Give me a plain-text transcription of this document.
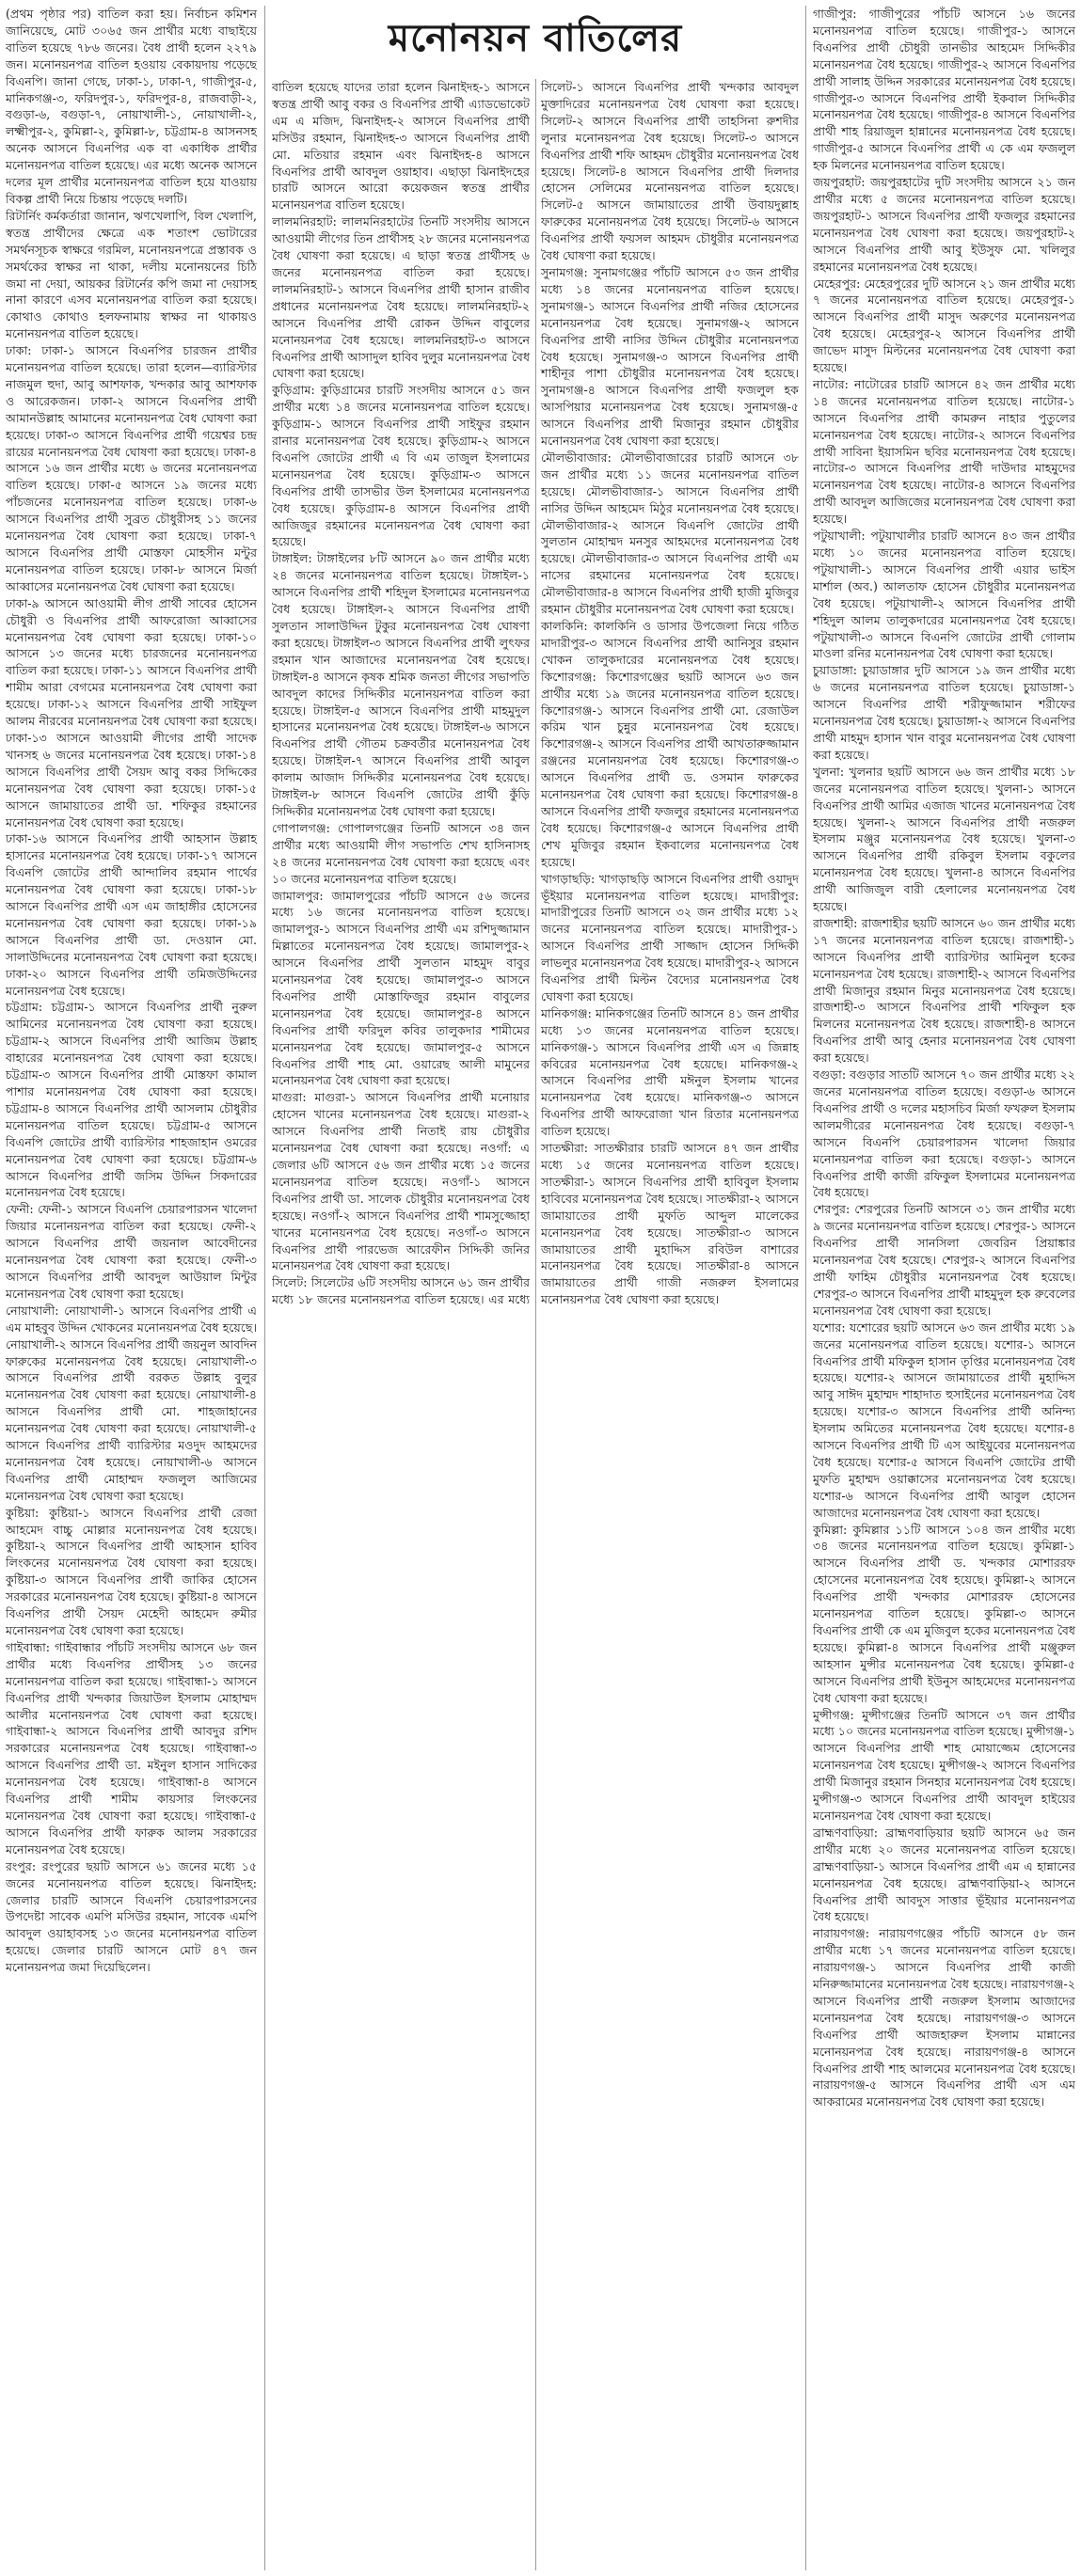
(প্রথম পৃষ্ঠার পর) বাতিল করা হয়। নির্বাচন কমিশন জানিয়েছে, মোট ৩০৬৫ জন প্রার্থীর মধ্যে বাছাইয়ে বাতিল হয়েছে ৭৮৬ জনের। বৈধ প্রার্থী হলেন ২২৭৯ জন। মনোনয়নপত্র বাতিল হওয়ায় বেকায়দায় পড়েছে বিএনপি। জানা গেছে, ঢাকা-১, ঢাকা-৭, গাজীপুর-৫, মানিকগঞ্জ-৩, ফরিদপুর-১, ফরিদপুর-৪, রাজবাড়ী-২, বগুড়া-৬, বগুড়া-৭, নোয়াখালী-১, নোয়াখালী-২, লক্ষ্মীপুর-২, কুমিল্লা-২, কুমিল্লা-৮, চট্টগ্রাম-৪ আসনসহ অনেক আসনে বিএনপির এক বা একাধিক প্রার্থীর মনোনয়নপত্র বাতিল হয়েছে। এর মধ্যে অনেক আসনে দলের মূল প্রার্থীর মনোনয়নপত্র বাতিল হয়ে যাওয়ায় বিকল্প প্রার্থী নিয়ে চিন্তায় পড়েছে দলটি।

রিটার্নিং কর্মকর্তারা জানান, ঋণখেলাপি, বিল খেলাপি, স্বতন্ত্র প্রার্থীদের ক্ষেত্রে এক শতাংশ ভোটারের সমর্থনসূচক স্বাক্ষরে গরমিল, মনোনয়নপত্রে প্রস্তাবক ও সমর্থকের স্বাক্ষর না থাকা, দলীয় মনোনয়নের চিঠি জমা না দেয়া, আয়কর রিটার্নের কপি জমা না দেয়াসহ নানা কারণে এসব মনোনয়নপত্র বাতিল করা হয়েছে। কোথাও কোথাও হলফনামায় স্বাক্ষর না থাকায়ও মনোনয়নপত্র বাতিল হয়েছে।

ঢাকা: ঢাকা-১ আসনে বিএনপির চারজন প্রার্থীর মনোনয়নপত্র বাতিল হয়েছে। তারা হলেন—ব্যারিস্টার নাজমুল হুদা, আবু আশফাক, খন্দকার আবু আশফাক ও আরেকজন। ঢাকা-২ আসনে বিএনপির প্রার্থী আমানউল্লাহ আমানের মনোনয়নপত্র বৈধ ঘোষণা করা হয়েছে। ঢাকা-৩ আসনে বিএনপির প্রার্থী গয়েশ্বর চন্দ্র রায়ের মনোনয়নপত্র বৈধ ঘোষণা করা হয়েছে। ঢাকা-৪ আসনে ১৬ জন প্রার্থীর মধ্যে ৬ জনের মনোনয়নপত্র বাতিল হয়েছে। ঢাকা-৫ আসনে ১৯ জনের মধ্যে পাঁচজনের মনোনয়নপত্র বাতিল হয়েছে। ঢাকা-৬ আসনে বিএনপির প্রার্থী সুব্রত চৌধুরীসহ ১১ জনের মনোনয়নপত্র বৈধ ঘোষণা করা হয়েছে। ঢাকা-৭ আসনে বিএনপির প্রার্থী মোস্তফা মোহসীন মন্টুর মনোনয়নপত্র বাতিল হয়েছে। ঢাকা-৮ আসনে মির্জা আব্বাসের মনোনয়নপত্র বৈধ ঘোষণা করা হয়েছে।

ঢাকা-৯ আসনে আওয়ামী লীগ প্রার্থী সাবের হোসেন চৌধুরী ও বিএনপির প্রার্থী আফরোজা আব্বাসের মনোনয়নপত্র বৈধ ঘোষণা করা হয়েছে। ঢাকা-১০ আসনে ১৩ জনের মধ্যে চারজনের মনোনয়নপত্র বাতিল করা হয়েছে। ঢাকা-১১ আসনে বিএনপির প্রার্থী শামীম আরা বেগমের মনোনয়নপত্র বৈধ ঘোষণা করা হয়েছে। ঢাকা-১২ আসনে বিএনপির প্রার্থী সাইফুল আলম নীরবের মনোনয়নপত্র বৈধ ঘোষণা করা হয়েছে। ঢাকা-১৩ আসনে আওয়ামী লীগের প্রার্থী সাদেক খানসহ ৬ জনের মনোনয়নপত্র বৈধ হয়েছে। ঢাকা-১৪ আসনে বিএনপির প্রার্থী সৈয়দ আবু বকর সিদ্দিকের মনোনয়নপত্র বৈধ ঘোষণা করা হয়েছে। ঢাকা-১৫ আসনে জামায়াতের প্রার্থী ডা. শফিকুর রহমানের মনোনয়নপত্র বৈধ ঘোষণা করা হয়েছে।

ঢাকা-১৬ আসনে বিএনপির প্রার্থী আহসান উল্লাহ হাসানের মনোনয়নপত্র বৈধ হয়েছে। ঢাকা-১৭ আসনে বিএনপি জোটের প্রার্থী আন্দালিব রহমান পার্থের মনোনয়নপত্র বৈধ ঘোষণা করা হয়েছে। ঢাকা-১৮ আসনে বিএনপির প্রার্থী এস এম জাহাঙ্গীর হোসেনের মনোনয়নপত্র বৈধ ঘোষণা করা হয়েছে। ঢাকা-১৯ আসনে বিএনপির প্রার্থী ডা. দেওয়ান মো. সালাউদ্দিনের মনোনয়নপত্র বৈধ ঘোষণা করা হয়েছে। ঢাকা-২০ আসনে বিএনপির প্রার্থী তমিজউদ্দিনের মনোনয়নপত্র বৈধ হয়েছে।

চট্টগ্রাম: চট্টগ্রাম-১ আসনে বিএনপির প্রার্থী নুরুল আমিনের মনোনয়নপত্র বৈধ ঘোষণা করা হয়েছে। চট্টগ্রাম-২ আসনে বিএনপির প্রার্থী আজিম উল্লাহ বাহারের মনোনয়নপত্র বৈধ ঘোষণা করা হয়েছে। চট্টগ্রাম-৩ আসনে বিএনপির প্রার্থী মোস্তফা কামাল পাশার মনোনয়নপত্র বৈধ ঘোষণা করা হয়েছে। চট্টগ্রাম-৪ আসনে বিএনপির প্রার্থী আসলাম চৌধুরীর মনোনয়নপত্র বাতিল হয়েছে। চট্টগ্রাম-৫ আসনে বিএনপি জোটের প্রার্থী ব্যারিস্টার শাহজাহান ওমরের মনোনয়নপত্র বৈধ ঘোষণা করা হয়েছে। চট্টগ্রাম-৬ আসনে বিএনপির প্রার্থী জসিম উদ্দিন সিকদারের মনোনয়নপত্র বৈধ হয়েছে।

ফেনী: ফেনী-১ আসনে বিএনপি চেয়ারপারসন খালেদা জিয়ার মনোনয়নপত্র বাতিল করা হয়েছে। ফেনী-২ আসনে বিএনপির প্রার্থী জয়নাল আবেদীনের মনোনয়নপত্র বৈধ ঘোষণা করা হয়েছে। ফেনী-৩ আসনে বিএনপির প্রার্থী আবদুল আউয়াল মিন্টুর মনোনয়নপত্র বৈধ ঘোষণা করা হয়েছে।

নোয়াখালী: নোয়াখালী-১ আসনে বিএনপির প্রার্থী এ এম মাহবুব উদ্দিন খোকনের মনোনয়নপত্র বৈধ হয়েছে। নোয়াখালী-২ আসনে বিএনপির প্রার্থী জয়নুল আবদিন ফারুকের মনোনয়নপত্র বৈধ হয়েছে। নোয়াখালী-৩ আসনে বিএনপির প্রার্থী বরকত উল্লাহ বুলুর মনোনয়নপত্র বৈধ ঘোষণা করা হয়েছে। নোয়াখালী-৪ আসনে বিএনপির প্রার্থী মো. শাহজাহানের মনোনয়নপত্র বৈধ ঘোষণা করা হয়েছে। নোয়াখালী-৫ আসনে বিএনপির প্রার্থী ব্যারিস্টার মওদুদ আহমদের মনোনয়নপত্র বৈধ হয়েছে। নোয়াখালী-৬ আসনে বিএনপির প্রার্থী মোহাম্মদ ফজলুল আজিমের মনোনয়নপত্র বৈধ ঘোষণা করা হয়েছে।

কুষ্টিয়া: কুষ্টিয়া-১ আসনে বিএনপির প্রার্থী রেজা আহমেদ বাচ্চু মোল্লার মনোনয়নপত্র বৈধ হয়েছে। কুষ্টিয়া-২ আসনে বিএনপির প্রার্থী আহসান হাবিব লিংকনের মনোনয়নপত্র বৈধ ঘোষণা করা হয়েছে। কুষ্টিয়া-৩ আসনে বিএনপির প্রার্থী জাকির হোসেন সরকারের মনোনয়নপত্র বৈধ হয়েছে। কুষ্টিয়া-৪ আসনে বিএনপির প্রার্থী সৈয়দ মেহেদী আহমেদ রুমীর মনোনয়নপত্র বৈধ ঘোষণা করা হয়েছে।

গাইবান্ধা: গাইবান্ধার পাঁচটি সংসদীয় আসনে ৬৮ জন প্রার্থীর মধ্যে বিএনপির প্রার্থীসহ ১৩ জনের মনোনয়নপত্র বাতিল করা হয়েছে। গাইবান্ধা-১ আসনে বিএনপির প্রার্থী খন্দকার জিয়াউল ইসলাম মোহাম্মদ আলীর মনোনয়নপত্র বৈধ ঘোষণা করা হয়েছে। গাইবান্ধা-২ আসনে বিএনপির প্রার্থী আবদুর রশিদ সরকারের মনোনয়নপত্র বৈধ হয়েছে। গাইবান্ধা-৩ আসনে বিএনপির প্রার্থী ডা. মইনুল হাসান সাদিকের মনোনয়নপত্র বৈধ হয়েছে। গাইবান্ধা-৪ আসনে বিএনপির প্রার্থী শামীম কায়সার লিংকনের মনোনয়নপত্র বৈধ ঘোষণা করা হয়েছে। গাইবান্ধা-৫ আসনে বিএনপির প্রার্থী ফারুক আলম সরকারের মনোনয়নপত্র বৈধ হয়েছে।

রংপুর: রংপুরের ছয়টি আসনে ৬১ জনের মধ্যে ১৫ জনের মনোনয়নপত্র বাতিল হয়েছে। ঝিনাইদহ: জেলার চারটি আসনে বিএনপি চেয়ারপারসনের উপদেষ্টা সাবেক এমপি মসিউর রহমান, সাবেক এমপি আবদুল ওয়াহাবসহ ১৩ জনের মনোনয়নপত্র বাতিল হয়েছে। জেলার চারটি আসনে মোট ৪৭ জন মনোনয়নপত্র জমা দিয়েছিলেন।

মনোনয়ন বাতিলের

বাতিল হয়েছে যাদের তারা হলেন ঝিনাইদহ-১ আসনে স্বতন্ত্র প্রার্থী আবু বকর ও বিএনপির প্রার্থী এ্যাডভোকেট এম এ মজিদ, ঝিনাইদহ-২ আসনে বিএনপির প্রার্থী মসিউর রহমান, ঝিনাইদহ-৩ আসনে বিএনপির প্রার্থী মো. মতিয়ার রহমান এবং ঝিনাইদহ-৪ আসনে বিএনপির প্রার্থী আবদুল ওয়াহাব। এছাড়া ঝিনাইদহের চারটি আসনে আরো কয়েকজন স্বতন্ত্র প্রার্থীর মনোনয়নপত্র বাতিল হয়েছে।

লালমনিরহাট: লালমনিরহাটের তিনটি সংসদীয় আসনে আওয়ামী লীগের তিন প্রার্থীসহ ২৮ জনের মনোনয়নপত্র বৈধ ঘোষণা করা হয়েছে। এ ছাড়া স্বতন্ত্র প্রার্থীসহ ৬ জনের মনোনয়নপত্র বাতিল করা হয়েছে। লালমনিরহাট-১ আসনে বিএনপির প্রার্থী হাসান রাজীব প্রধানের মনোনয়নপত্র বৈধ হয়েছে। লালমনিরহাট-২ আসনে বিএনপির প্রার্থী রোকন উদ্দিন বাবুলের মনোনয়নপত্র বৈধ হয়েছে। লালমনিরহাট-৩ আসনে বিএনপির প্রার্থী আসাদুল হাবিব দুলুর মনোনয়নপত্র বৈধ ঘোষণা করা হয়েছে।

কুড়িগ্রাম: কুড়িগ্রামের চারটি সংসদীয় আসনে ৫১ জন প্রার্থীর মধ্যে ১৪ জনের মনোনয়নপত্র বাতিল হয়েছে। কুড়িগ্রাম-১ আসনে বিএনপির প্রার্থী সাইফুর রহমান রানার মনোনয়নপত্র বৈধ হয়েছে। কুড়িগ্রাম-২ আসনে বিএনপি জোটের প্রার্থী এ বি এম তাজুল ইসলামের মনোনয়নপত্র বৈধ হয়েছে। কুড়িগ্রাম-৩ আসনে বিএনপির প্রার্থী তাসভীর উল ইসলামের মনোনয়নপত্র বৈধ হয়েছে। কুড়িগ্রাম-৪ আসনে বিএনপির প্রার্থী আজিজুর রহমানের মনোনয়নপত্র বৈধ ঘোষণা করা হয়েছে।

টাঙ্গাইল: টাঙ্গাইলের ৮টি আসনে ৯০ জন প্রার্থীর মধ্যে ২৪ জনের মনোনয়নপত্র বাতিল হয়েছে। টাঙ্গাইল-১ আসনে বিএনপির প্রার্থী শহিদুল ইসলামের মনোনয়নপত্র বৈধ হয়েছে। টাঙ্গাইল-২ আসনে বিএনপির প্রার্থী সুলতান সালাউদ্দিন টুকুর মনোনয়নপত্র বৈধ ঘোষণা করা হয়েছে। টাঙ্গাইল-৩ আসনে বিএনপির প্রার্থী লুৎফর রহমান খান আজাদের মনোনয়নপত্র বৈধ হয়েছে। টাঙ্গাইল-৪ আসনে কৃষক শ্রমিক জনতা লীগের সভাপতি আবদুল কাদের সিদ্দিকীর মনোনয়নপত্র বাতিল করা হয়েছে। টাঙ্গাইল-৫ আসনে বিএনপির প্রার্থী মাহমুদুল হাসানের মনোনয়নপত্র বৈধ হয়েছে। টাঙ্গাইল-৬ আসনে বিএনপির প্রার্থী গৌতম চক্রবর্তীর মনোনয়নপত্র বৈধ হয়েছে। টাঙ্গাইল-৭ আসনে বিএনপির প্রার্থী আবুল কালাম আজাদ সিদ্দিকীর মনোনয়নপত্র বৈধ হয়েছে। টাঙ্গাইল-৮ আসনে বিএনপি জোটের প্রার্থী কুঁড়ি সিদ্দিকীর মনোনয়নপত্র বৈধ ঘোষণা করা হয়েছে।

গোপালগঞ্জ: গোপালগঞ্জের তিনটি আসনে ৩৪ জন প্রার্থীর মধ্যে আওয়ামী লীগ সভাপতি শেখ হাসিনাসহ ২৪ জনের মনোনয়নপত্র বৈধ ঘোষণা করা হয়েছে এবং ১০ জনের মনোনয়নপত্র বাতিল হয়েছে।

জামালপুর: জামালপুরের পাঁচটি আসনে ৫৬ জনের মধ্যে ১৬ জনের মনোনয়নপত্র বাতিল হয়েছে। জামালপুর-১ আসনে বিএনপির প্রার্থী এম রশিদুজ্জামান মিল্লাতের মনোনয়নপত্র বৈধ হয়েছে। জামালপুর-২ আসনে বিএনপির প্রার্থী সুলতান মাহমুদ বাবুর মনোনয়নপত্র বৈধ হয়েছে। জামালপুর-৩ আসনে বিএনপির প্রার্থী মোস্তাফিজুর রহমান বাবুলের মনোনয়নপত্র বৈধ হয়েছে। জামালপুর-৪ আসনে বিএনপির প্রার্থী ফরিদুল কবির তালুকদার শামীমের মনোনয়নপত্র বৈধ হয়েছে। জামালপুর-৫ আসনে বিএনপির প্রার্থী শাহ মো. ওয়ারেছ আলী মামুনের মনোনয়নপত্র বৈধ ঘোষণা করা হয়েছে।

মাগুরা: মাগুরা-১ আসনে বিএনপির প্রার্থী মনোয়ার হোসেন খানের মনোনয়নপত্র বৈধ হয়েছে। মাগুরা-২ আসনে বিএনপির প্রার্থী নিতাই রায় চৌধুরীর মনোনয়নপত্র বৈধ ঘোষণা করা হয়েছে। নওগাঁ: এ জেলার ৬টি আসনে ৫৬ জন প্রার্থীর মধ্যে ১৫ জনের মনোনয়নপত্র বাতিল হয়েছে। নওগাঁ-১ আসনে বিএনপির প্রার্থী ডা. সালেক চৌধুরীর মনোনয়নপত্র বৈধ হয়েছে। নওগাঁ-২ আসনে বিএনপির প্রার্থী শামসুজ্জোহা খানের মনোনয়নপত্র বৈধ হয়েছে। নওগাঁ-৩ আসনে বিএনপির প্রার্থী পারভেজ আরেফীন সিদ্দিকী জনির মনোনয়নপত্র বৈধ ঘোষণা করা হয়েছে।

সিলেট: সিলেটের ৬টি সংসদীয় আসনে ৬১ জন প্রার্থীর মধ্যে ১৮ জনের মনোনয়নপত্র বাতিল হয়েছে। এর মধ্যে সিলেট-১ আসনে বিএনপির প্রার্থী খন্দকার আবদুল মুক্তাদিরের মনোনয়নপত্র বৈধ ঘোষণা করা হয়েছে। সিলেট-২ আসনে বিএনপির প্রার্থী তাহসিনা রুশদীর লুনার মনোনয়নপত্র বৈধ হয়েছে। সিলেট-৩ আসনে বিএনপির প্রার্থী শফি আহমদ চৌধুরীর মনোনয়নপত্র বৈধ হয়েছে। সিলেট-৪ আসনে বিএনপির প্রার্থী দিলদার হোসেন সেলিমের মনোনয়নপত্র বাতিল হয়েছে। সিলেট-৫ আসনে জামায়াতের প্রার্থী উবায়দুল্লাহ ফারুকের মনোনয়নপত্র বৈধ হয়েছে। সিলেট-৬ আসনে বিএনপির প্রার্থী ফয়সল আহমদ চৌধুরীর মনোনয়নপত্র বৈধ ঘোষণা করা হয়েছে।

সুনামগঞ্জ: সুনামগঞ্জের পাঁচটি আসনে ৫৩ জন প্রার্থীর মধ্যে ১৪ জনের মনোনয়নপত্র বাতিল হয়েছে। সুনামগঞ্জ-১ আসনে বিএনপির প্রার্থী নজির হোসেনের মনোনয়নপত্র বৈধ হয়েছে। সুনামগঞ্জ-২ আসনে বিএনপির প্রার্থী নাসির উদ্দিন চৌধুরীর মনোনয়নপত্র বৈধ হয়েছে। সুনামগঞ্জ-৩ আসনে বিএনপির প্রার্থী শাহীনূর পাশা চৌধুরীর মনোনয়নপত্র বৈধ হয়েছে। সুনামগঞ্জ-৪ আসনে বিএনপির প্রার্থী ফজলুল হক আসপিয়ার মনোনয়নপত্র বৈধ হয়েছে। সুনামগঞ্জ-৫ আসনে বিএনপির প্রার্থী মিজানুর রহমান চৌধুরীর মনোনয়নপত্র বৈধ ঘোষণা করা হয়েছে।

মৌলভীবাজার: মৌলভীবাজারের চারটি আসনে ৩৮ জন প্রার্থীর মধ্যে ১১ জনের মনোনয়নপত্র বাতিল হয়েছে। মৌলভীবাজার-১ আসনে বিএনপির প্রার্থী নাসির উদ্দিন আহমেদ মিঠুর মনোনয়নপত্র বৈধ হয়েছে। মৌলভীবাজার-২ আসনে বিএনপি জোটের প্রার্থী সুলতান মোহাম্মদ মনসুর আহমদের মনোনয়নপত্র বৈধ হয়েছে। মৌলভীবাজার-৩ আসনে বিএনপির প্রার্থী এম নাসের রহমানের মনোনয়নপত্র বৈধ হয়েছে। মৌলভীবাজার-৪ আসনে বিএনপির প্রার্থী হাজী মুজিবুর রহমান চৌধুরীর মনোনয়নপত্র বৈধ ঘোষণা করা হয়েছে।

কালকিনি: কালকিনি ও ডাসার উপজেলা নিয়ে গঠিত মাদারীপুর-৩ আসনে বিএনপির প্রার্থী আনিসুর রহমান খোকন তালুকদারের মনোনয়নপত্র বৈধ হয়েছে। কিশোরগঞ্জ: কিশোরগঞ্জের ছয়টি আসনে ৬৩ জন প্রার্থীর মধ্যে ১৯ জনের মনোনয়নপত্র বাতিল হয়েছে। কিশোরগঞ্জ-১ আসনে বিএনপির প্রার্থী মো. রেজাউল করিম খান চুন্নুর মনোনয়নপত্র বৈধ হয়েছে। কিশোরগঞ্জ-২ আসনে বিএনপির প্রার্থী আখতারুজ্জামান রঞ্জনের মনোনয়নপত্র বৈধ হয়েছে। কিশোরগঞ্জ-৩ আসনে বিএনপির প্রার্থী ড. ওসমান ফারুকের মনোনয়নপত্র বৈধ ঘোষণা করা হয়েছে। কিশোরগঞ্জ-৪ আসনে বিএনপির প্রার্থী ফজলুর রহমানের মনোনয়নপত্র বৈধ হয়েছে। কিশোরগঞ্জ-৫ আসনে বিএনপির প্রার্থী শেখ মুজিবুর রহমান ইকবালের মনোনয়নপত্র বৈধ হয়েছে।

খাগড়াছড়ি: খাগড়াছড়ি আসনে বিএনপির প্রার্থী ওয়াদুদ ভূঁইয়ার মনোনয়নপত্র বাতিল হয়েছে। মাদারীপুর: মাদারীপুরের তিনটি আসনে ৩২ জন প্রার্থীর মধ্যে ১২ জনের মনোনয়নপত্র বাতিল হয়েছে। মাদারীপুর-১ আসনে বিএনপির প্রার্থী সাজ্জাদ হোসেন সিদ্দিকী লাভলুর মনোনয়নপত্র বৈধ হয়েছে। মাদারীপুর-২ আসনে বিএনপির প্রার্থী মিল্টন বৈদ্যের মনোনয়নপত্র বৈধ ঘোষণা করা হয়েছে।

মানিকগঞ্জ: মানিকগঞ্জের তিনটি আসনে ৪১ জন প্রার্থীর মধ্যে ১৩ জনের মনোনয়নপত্র বাতিল হয়েছে। মানিকগঞ্জ-১ আসনে বিএনপির প্রার্থী এস এ জিন্নাহ কবিরের মনোনয়নপত্র বৈধ হয়েছে। মানিকগঞ্জ-২ আসনে বিএনপির প্রার্থী মঈনুল ইসলাম খানের মনোনয়নপত্র বৈধ হয়েছে। মানিকগঞ্জ-৩ আসনে বিএনপির প্রার্থী আফরোজা খান রিতার মনোনয়নপত্র বাতিল হয়েছে।

সাতক্ষীরা: সাতক্ষীরার চারটি আসনে ৪৭ জন প্রার্থীর মধ্যে ১৫ জনের মনোনয়নপত্র বাতিল হয়েছে। সাতক্ষীরা-১ আসনে বিএনপির প্রার্থী হাবিবুল ইসলাম হাবিবের মনোনয়নপত্র বৈধ হয়েছে। সাতক্ষীরা-২ আসনে জামায়াতের প্রার্থী মুফতি আব্দুল মালেকের মনোনয়নপত্র বৈধ হয়েছে। সাতক্ষীরা-৩ আসনে জামায়াতের প্রার্থী মুহাদ্দিস রবিউল বাশারের মনোনয়নপত্র বৈধ হয়েছে। সাতক্ষীরা-৪ আসনে জামায়াতের প্রার্থী গাজী নজরুল ইসলামের মনোনয়নপত্র বৈধ ঘোষণা করা হয়েছে।

গাজীপুর: গাজীপুরের পাঁচটি আসনে ১৬ জনের মনোনয়নপত্র বাতিল হয়েছে। গাজীপুর-১ আসনে বিএনপির প্রার্থী চৌধুরী তানভীর আহমেদ সিদ্দিকীর মনোনয়নপত্র বৈধ হয়েছে। গাজীপুর-২ আসনে বিএনপির প্রার্থী সালাহ উদ্দিন সরকারের মনোনয়নপত্র বৈধ হয়েছে। গাজীপুর-৩ আসনে বিএনপির প্রার্থী ইকবাল সিদ্দিকীর মনোনয়নপত্র বৈধ হয়েছে। গাজীপুর-৪ আসনে বিএনপির প্রার্থী শাহ রিয়াজুল হান্নানের মনোনয়নপত্র বৈধ হয়েছে। গাজীপুর-৫ আসনে বিএনপির প্রার্থী এ কে এম ফজলুল হক মিলনের মনোনয়নপত্র বাতিল হয়েছে।

জয়পুরহাট: জয়পুরহাটের দুটি সংসদীয় আসনে ২১ জন প্রার্থীর মধ্যে ৫ জনের মনোনয়নপত্র বাতিল হয়েছে। জয়পুরহাট-১ আসনে বিএনপির প্রার্থী ফজলুর রহমানের মনোনয়নপত্র বৈধ ঘোষণা করা হয়েছে। জয়পুরহাট-২ আসনে বিএনপির প্রার্থী আবু ইউসুফ মো. খলিলুর রহমানের মনোনয়নপত্র বৈধ হয়েছে।

মেহেরপুর: মেহেরপুরের দুটি আসনে ২১ জন প্রার্থীর মধ্যে ৭ জনের মনোনয়নপত্র বাতিল হয়েছে। মেহেরপুর-১ আসনে বিএনপির প্রার্থী মাসুদ অরুণের মনোনয়নপত্র বৈধ হয়েছে। মেহেরপুর-২ আসনে বিএনপির প্রার্থী জাভেদ মাসুদ মিল্টনের মনোনয়নপত্র বৈধ ঘোষণা করা হয়েছে।

নাটোর: নাটোরের চারটি আসনে ৪২ জন প্রার্থীর মধ্যে ১৪ জনের মনোনয়নপত্র বাতিল হয়েছে। নাটোর-১ আসনে বিএনপির প্রার্থী কামরুন নাহার পুতুলের মনোনয়নপত্র বৈধ হয়েছে। নাটোর-২ আসনে বিএনপির প্রার্থী সাবিনা ইয়াসমিন ছবির মনোনয়নপত্র বৈধ হয়েছে। নাটোর-৩ আসনে বিএনপির প্রার্থী দাউদার মাহমুদের মনোনয়নপত্র বৈধ হয়েছে। নাটোর-৪ আসনে বিএনপির প্রার্থী আবদুল আজিজের মনোনয়নপত্র বৈধ ঘোষণা করা হয়েছে।

পটুয়াখালী: পটুয়াখালীর চারটি আসনে ৪৩ জন প্রার্থীর মধ্যে ১০ জনের মনোনয়নপত্র বাতিল হয়েছে। পটুয়াখালী-১ আসনে বিএনপির প্রার্থী এয়ার ভাইস মার্শাল (অব.) আলতাফ হোসেন চৌধুরীর মনোনয়নপত্র বৈধ হয়েছে। পটুয়াখালী-২ আসনে বিএনপির প্রার্থী শহিদুল আলম তালুকদারের মনোনয়নপত্র বৈধ হয়েছে। পটুয়াখালী-৩ আসনে বিএনপি জোটের প্রার্থী গোলাম মাওলা রনির মনোনয়নপত্র বৈধ ঘোষণা করা হয়েছে।

চুয়াডাঙ্গা: চুয়াডাঙ্গার দুটি আসনে ১৯ জন প্রার্থীর মধ্যে ৬ জনের মনোনয়নপত্র বাতিল হয়েছে। চুয়াডাঙ্গা-১ আসনে বিএনপির প্রার্থী শরীফুজ্জামান শরীফের মনোনয়নপত্র বৈধ হয়েছে। চুয়াডাঙ্গা-২ আসনে বিএনপির প্রার্থী মাহমুদ হাসান খান বাবুর মনোনয়নপত্র বৈধ ঘোষণা করা হয়েছে।

খুলনা: খুলনার ছয়টি আসনে ৬৬ জন প্রার্থীর মধ্যে ১৮ জনের মনোনয়নপত্র বাতিল হয়েছে। খুলনা-১ আসনে বিএনপির প্রার্থী আমির এজাজ খানের মনোনয়নপত্র বৈধ হয়েছে। খুলনা-২ আসনে বিএনপির প্রার্থী নজরুল ইসলাম মঞ্জুর মনোনয়নপত্র বৈধ হয়েছে। খুলনা-৩ আসনে বিএনপির প্রার্থী রকিবুল ইসলাম বকুলের মনোনয়নপত্র বৈধ হয়েছে। খুলনা-৪ আসনে বিএনপির প্রার্থী আজিজুল বারী হেলালের মনোনয়নপত্র বৈধ হয়েছে।

রাজশাহী: রাজশাহীর ছয়টি আসনে ৬০ জন প্রার্থীর মধ্যে ১৭ জনের মনোনয়নপত্র বাতিল হয়েছে। রাজশাহী-১ আসনে বিএনপির প্রার্থী ব্যারিস্টার আমিনুল হকের মনোনয়নপত্র বৈধ হয়েছে। রাজশাহী-২ আসনে বিএনপির প্রার্থী মিজানুর রহমান মিনুর মনোনয়নপত্র বৈধ হয়েছে। রাজশাহী-৩ আসনে বিএনপির প্রার্থী শফিকুল হক মিলনের মনোনয়নপত্র বৈধ হয়েছে। রাজশাহী-৪ আসনে বিএনপির প্রার্থী আবু হেনার মনোনয়নপত্র বৈধ ঘোষণা করা হয়েছে।

বগুড়া: বগুড়ার সাতটি আসনে ৭০ জন প্রার্থীর মধ্যে ২২ জনের মনোনয়নপত্র বাতিল হয়েছে। বগুড়া-৬ আসনে বিএনপির প্রার্থী ও দলের মহাসচিব মির্জা ফখরুল ইসলাম আলমগীরের মনোনয়নপত্র বৈধ হয়েছে। বগুড়া-৭ আসনে বিএনপি চেয়ারপারসন খালেদা জিয়ার মনোনয়নপত্র বাতিল করা হয়েছে। বগুড়া-১ আসনে বিএনপির প্রার্থী কাজী রফিকুল ইসলামের মনোনয়নপত্র বৈধ হয়েছে।

শেরপুর: শেরপুরের তিনটি আসনে ৩১ জন প্রার্থীর মধ্যে ৯ জনের মনোনয়নপত্র বাতিল হয়েছে। শেরপুর-১ আসনে বিএনপির প্রার্থী সানসিলা জেবরিন প্রিয়াঙ্কার মনোনয়নপত্র বৈধ হয়েছে। শেরপুর-২ আসনে বিএনপির প্রার্থী ফাহিম চৌধুরীর মনোনয়নপত্র বৈধ হয়েছে। শেরপুর-৩ আসনে বিএনপির প্রার্থী মাহমুদুল হক রুবেলের মনোনয়নপত্র বৈধ ঘোষণা করা হয়েছে।

যশোর: যশোরের ছয়টি আসনে ৬৩ জন প্রার্থীর মধ্যে ১৯ জনের মনোনয়নপত্র বাতিল হয়েছে। যশোর-১ আসনে বিএনপির প্রার্থী মফিকুল হাসান তৃপ্তির মনোনয়নপত্র বৈধ হয়েছে। যশোর-২ আসনে জামায়াতের প্রার্থী মুহাদ্দিস আবু সাঈদ মুহাম্মদ শাহাদাত হুসাইনের মনোনয়নপত্র বৈধ হয়েছে। যশোর-৩ আসনে বিএনপির প্রার্থী অনিন্দ্য ইসলাম অমিতের মনোনয়নপত্র বৈধ হয়েছে। যশোর-৪ আসনে বিএনপির প্রার্থী টি এস আইয়ুবের মনোনয়নপত্র বৈধ হয়েছে। যশোর-৫ আসনে বিএনপি জোটের প্রার্থী মুফতি মুহাম্মদ ওয়াক্কাসের মনোনয়নপত্র বৈধ হয়েছে। যশোর-৬ আসনে বিএনপির প্রার্থী আবুল হোসেন আজাদের মনোনয়নপত্র বৈধ ঘোষণা করা হয়েছে।

কুমিল্লা: কুমিল্লার ১১টি আসনে ১০৪ জন প্রার্থীর মধ্যে ৩৪ জনের মনোনয়নপত্র বাতিল হয়েছে। কুমিল্লা-১ আসনে বিএনপির প্রার্থী ড. খন্দকার মোশাররফ হোসেনের মনোনয়নপত্র বৈধ হয়েছে। কুমিল্লা-২ আসনে বিএনপির প্রার্থী খন্দকার মোশাররফ হোসেনের মনোনয়নপত্র বাতিল হয়েছে। কুমিল্লা-৩ আসনে বিএনপির প্রার্থী কে এম মুজিবুল হকের মনোনয়নপত্র বৈধ হয়েছে। কুমিল্লা-৪ আসনে বিএনপির প্রার্থী মঞ্জুরুল আহসান মুন্সীর মনোনয়নপত্র বৈধ হয়েছে। কুমিল্লা-৫ আসনে বিএনপির প্রার্থী ইউনুস আহমেদের মনোনয়নপত্র বৈধ ঘোষণা করা হয়েছে।

মুন্সীগঞ্জ: মুন্সীগঞ্জের তিনটি আসনে ৩৭ জন প্রার্থীর মধ্যে ১০ জনের মনোনয়নপত্র বাতিল হয়েছে। মুন্সীগঞ্জ-১ আসনে বিএনপির প্রার্থী শাহ মোয়াজ্জেম হোসেনের মনোনয়নপত্র বৈধ হয়েছে। মুন্সীগঞ্জ-২ আসনে বিএনপির প্রার্থী মিজানুর রহমান সিনহার মনোনয়নপত্র বৈধ হয়েছে। মুন্সীগঞ্জ-৩ আসনে বিএনপির প্রার্থী আবদুল হাইয়ের মনোনয়নপত্র বৈধ ঘোষণা করা হয়েছে।

ব্রাহ্মণবাড়িয়া: ব্রাহ্মণবাড়িয়ার ছয়টি আসনে ৬৫ জন প্রার্থীর মধ্যে ২০ জনের মনোনয়নপত্র বাতিল হয়েছে। ব্রাহ্মণবাড়িয়া-১ আসনে বিএনপির প্রার্থী এম এ হান্নানের মনোনয়নপত্র বৈধ হয়েছে। ব্রাহ্মণবাড়িয়া-২ আসনে বিএনপির প্রার্থী আবদুস সাত্তার ভূঁইয়ার মনোনয়নপত্র বৈধ হয়েছে।

নারায়ণগঞ্জ: নারায়ণগঞ্জের পাঁচটি আসনে ৫৮ জন প্রার্থীর মধ্যে ১৭ জনের মনোনয়নপত্র বাতিল হয়েছে। নারায়ণগঞ্জ-১ আসনে বিএনপির প্রার্থী কাজী মনিরুজ্জামানের মনোনয়নপত্র বৈধ হয়েছে। নারায়ণগঞ্জ-২ আসনে বিএনপির প্রার্থী নজরুল ইসলাম আজাদের মনোনয়নপত্র বৈধ হয়েছে। নারায়ণগঞ্জ-৩ আসনে বিএনপির প্রার্থী আজহারুল ইসলাম মান্নানের মনোনয়নপত্র বৈধ হয়েছে। নারায়ণগঞ্জ-৪ আসনে বিএনপির প্রার্থী শাহ আলমের মনোনয়নপত্র বৈধ হয়েছে। নারায়ণগঞ্জ-৫ আসনে বিএনপির প্রার্থী এস এম আকরামের মনোনয়নপত্র বৈধ ঘোষণা করা হয়েছে।
